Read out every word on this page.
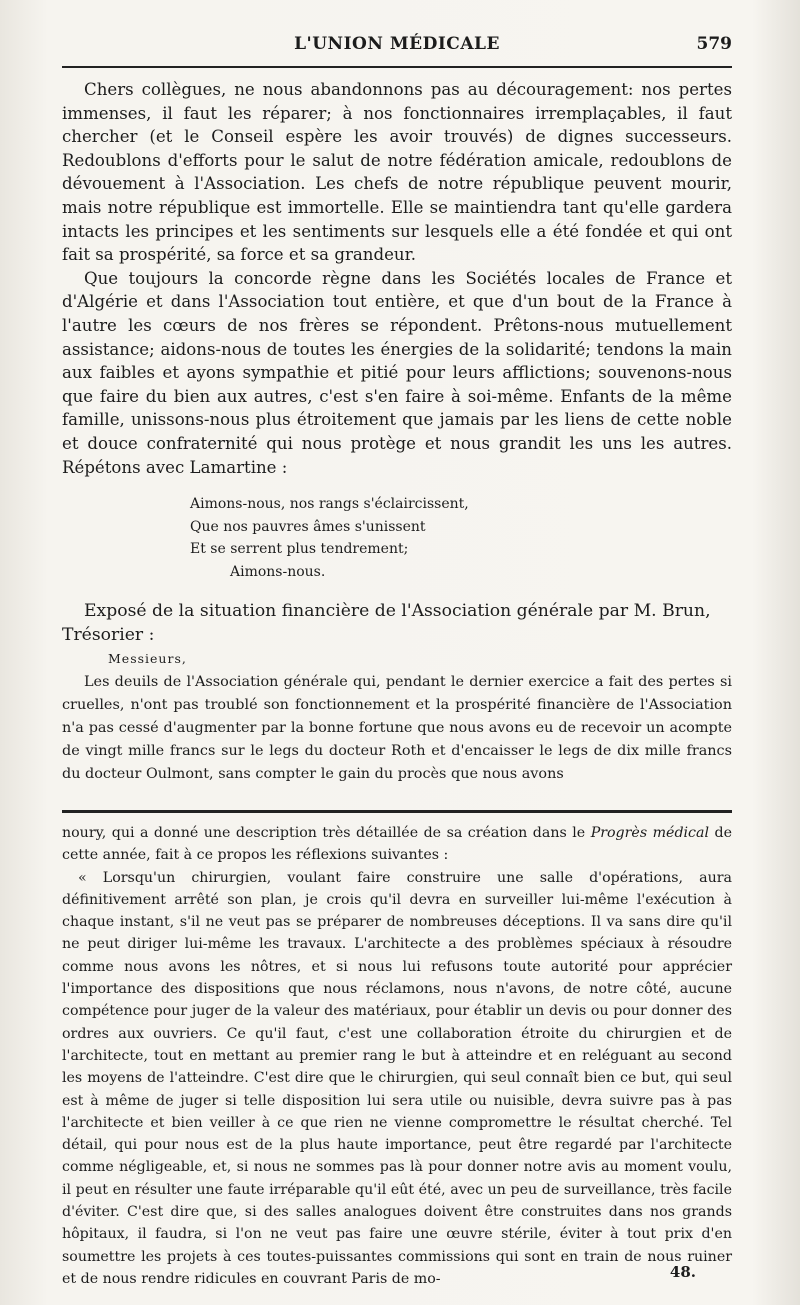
L'UNION MÉDICALE	579

Chers collègues, ne nous abandonnons pas au découragement: nos pertes immenses, il faut les réparer; à nos fonctionnaires irremplaçables, il faut chercher (et le Conseil espère les avoir trouvés) de dignes successeurs. Redoublons d'efforts pour le salut de notre fédération amicale, redoublons de dévouement à l'Association. Les chefs de notre république peuvent mourir, mais notre république est immortelle. Elle se maintiendra tant qu'elle gardera intacts les principes et les sentiments sur lesquels elle a été fondée et qui ont fait sa prospérité, sa force et sa grandeur.

Que toujours la concorde règne dans les Sociétés locales de France et d'Algérie et dans l'Association tout entière, et que d'un bout de la France à l'autre les cœurs de nos frères se répondent. Prêtons-nous mutuellement assistance; aidons-nous de toutes les énergies de la solidarité; tendons la main aux faibles et ayons sympathie et pitié pour leurs afflictions; souvenons-nous que faire du bien aux autres, c'est s'en faire à soi-même. Enfants de la même famille, unissons-nous plus étroitement que jamais par les liens de cette noble et douce confraternité qui nous protège et nous grandit les uns les autres. Répétons avec Lamartine :

Aimons-nous, nos rangs s'éclaircissent,
Que nos pauvres âmes s'unissent
Et se serrent plus tendrement;
Aimons-nous.

Exposé de la situation financière de l'Association générale par M. Brun, Trésorier :

Messieurs,

Les deuils de l'Association générale qui, pendant le dernier exercice a fait des pertes si cruelles, n'ont pas troublé son fonctionnement et la prospérité financière de l'Association n'a pas cessé d'augmenter par la bonne fortune que nous avons eu de recevoir un acompte de vingt mille francs sur le legs du docteur Roth et d'encaisser le legs de dix mille francs du docteur Oulmont, sans compter le gain du procès que nous avons

noury, qui a donné une description très détaillée de sa création dans le Progrès médical de cette année, fait à ce propos les réflexions suivantes :

« Lorsqu'un chirurgien, voulant faire construire une salle d'opérations, aura définitivement arrêté son plan, je crois qu'il devra en surveiller lui-même l'exécution à chaque instant, s'il ne veut pas se préparer de nombreuses déceptions. Il va sans dire qu'il ne peut diriger lui-même les travaux. L'architecte a des problèmes spéciaux à résoudre comme nous avons les nôtres, et si nous lui refusons toute autorité pour apprécier l'importance des dispositions que nous réclamons, nous n'avons, de notre côté, aucune compétence pour juger de la valeur des matériaux, pour établir un devis ou pour donner des ordres aux ouvriers. Ce qu'il faut, c'est une collaboration étroite du chirurgien et de l'architecte, tout en mettant au premier rang le but à atteindre et en reléguant au second les moyens de l'atteindre. C'est dire que le chirurgien, qui seul connaît bien ce but, qui seul est à même de juger si telle disposition lui sera utile ou nuisible, devra suivre pas à pas l'architecte et bien veiller à ce que rien ne vienne compromettre le résultat cherché. Tel détail, qui pour nous est de la plus haute importance, peut être regardé par l'architecte comme négligeable, et, si nous ne sommes pas là pour donner notre avis au moment voulu, il peut en résulter une faute irréparable qu'il eût été, avec un peu de surveillance, très facile d'éviter. C'est dire que, si des salles analogues doivent être construites dans nos grands hôpitaux, il faudra, si l'on ne veut pas faire une œuvre stérile, éviter à tout prix d'en soumettre les projets à ces toutes-puissantes commissions qui sont en train de nous ruiner et de nous rendre ridicules en couvrant Paris de mo-	48.
